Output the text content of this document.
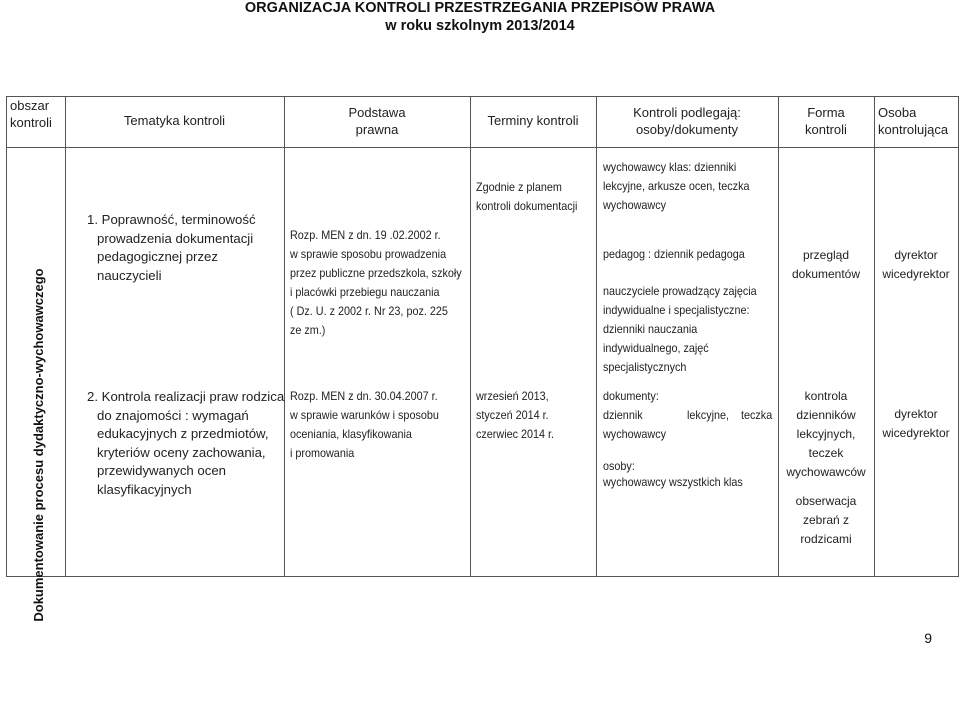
ORGANIZACJA KONTROLI PRZESTRZEGANIA PRZEPISÓW PRAWA
w roku szkolnym 2013/2014
obszar
kontroli	Tematyka kontroli
Podstawa
prawna
Terminy kontroli
Kontroli podlegają:
osoby/dokumenty
Forma
kontroli
Osoba
kontrolująca
Dokumentowanie procesu dydaktyczno-wychowawczego
1. Poprawność, terminowość
prowadzenia dokumentacji
pedagogicznej przez
nauczycieli
Rozp. MEN z dn. 19 .02.2002 r.
w sprawie sposobu prowadzenia
przez publiczne przedszkola, szkoły
i placówki przebiegu nauczania
( Dz. U. z 2002 r. Nr 23, poz. 225
ze zm.)
Zgodnie z planem
kontroli dokumentacji
wychowawcy klas: dzienniki
lekcyjne, arkusze ocen, teczka
wychowawcy
pedagog : dziennik pedagoga
nauczyciele prowadzący zajęcia
indywidualne i specjalistyczne:
dzienniki nauczania
indywidualnego, zajęć
specjalistycznych
przegląd
dokumentów
dyrektor
wicedyrektor
2. Kontrola realizacji praw rodzica
do znajomości : wymagań
edukacyjnych z przedmiotów,
kryteriów oceny zachowania,
przewidywanych ocen
klasyfikacyjnych
Rozp. MEN z dn. 30.04.2007 r.
w sprawie warunków i sposobu
oceniania, klasyfikowania
i promowania
wrzesień 2013,
styczeń 2014 r.
czerwiec 2014 r.
dokumenty:
dziennik	lekcyjne, teczka
wychowawcy
osoby:
wychowawcy wszystkich klas
kontrola
dzienników
lekcyjnych, teczek
wychowawców
obserwacja
zebrań z
rodzicami
dyrektor
wicedyrektor
9
